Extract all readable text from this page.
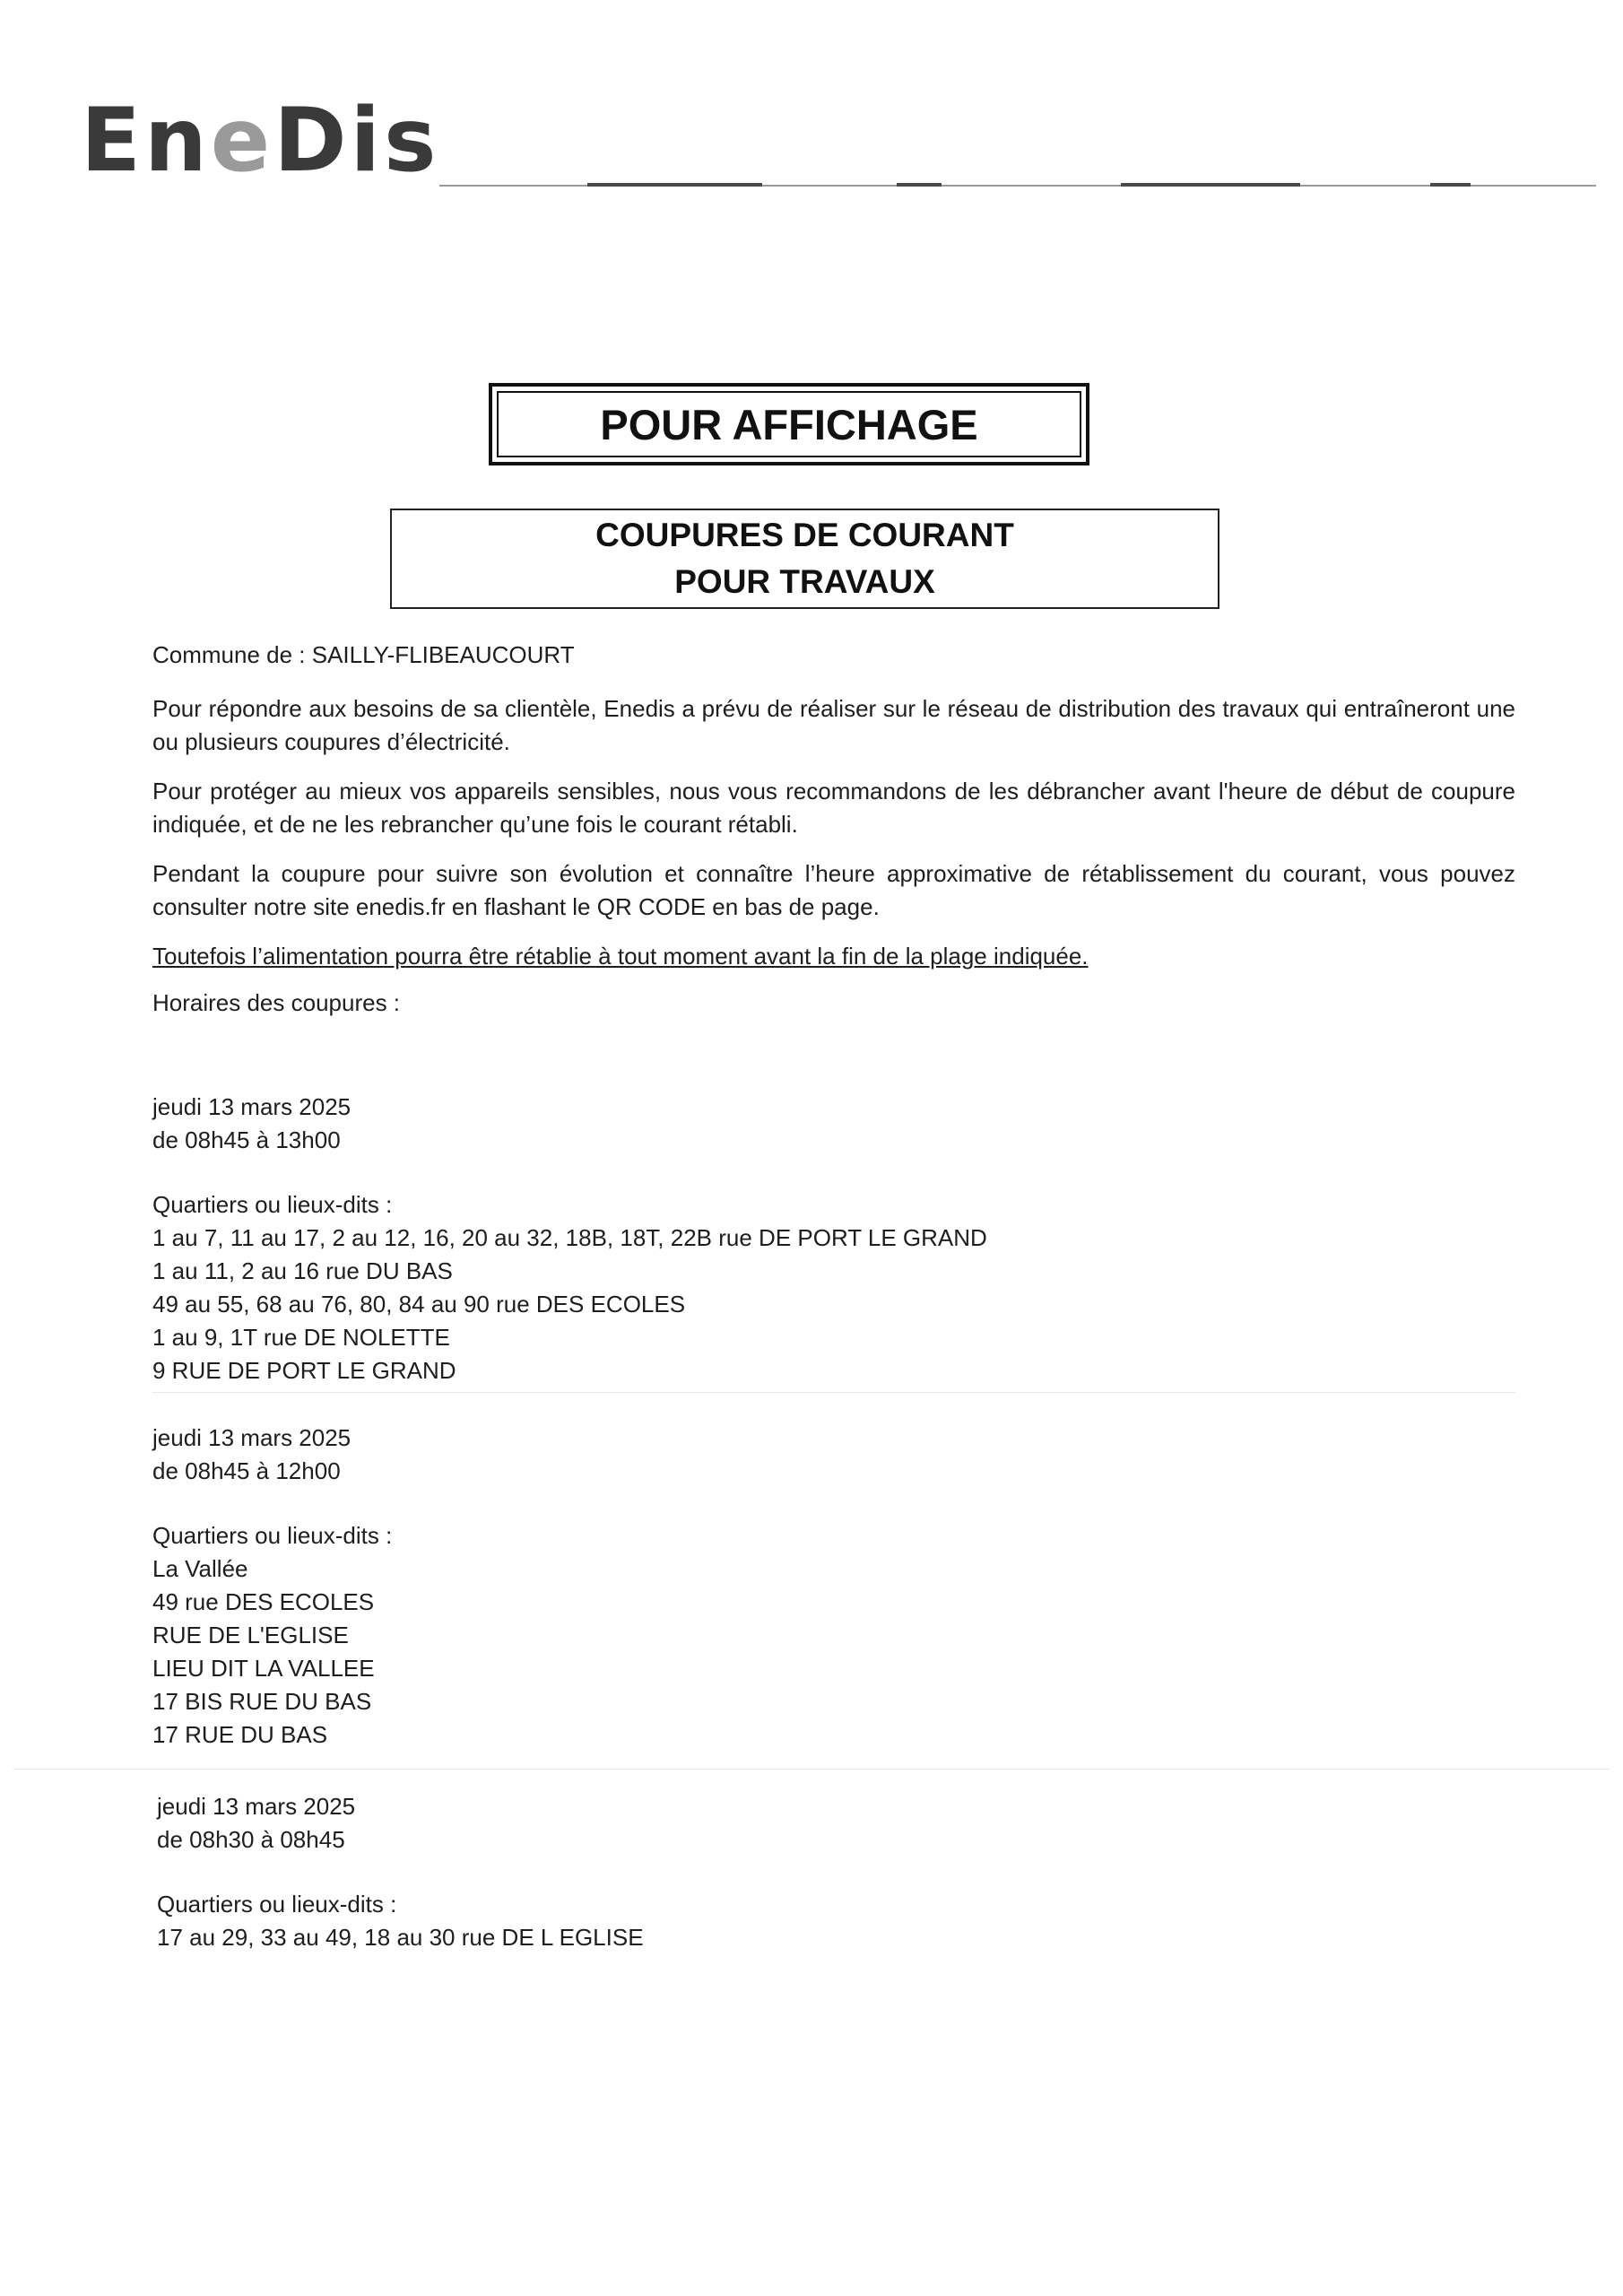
EneDis
POUR AFFICHAGE
COUPURES DE COURANT
POUR TRAVAUX

Commune de : SAILLY-FLIBEAUCOURT

Pour répondre aux besoins de sa clientèle, Enedis a prévu de réaliser sur le réseau de distribution des travaux qui entraîneront une ou plusieurs coupures d’électricité.

Pour protéger au mieux vos appareils sensibles, nous vous recommandons de les débrancher avant l'heure de début de coupure indiquée, et de ne les rebrancher qu’une fois le courant rétabli.

Pendant la coupure pour suivre son évolution et connaître l’heure approximative de rétablissement du courant, vous pouvez consulter notre site enedis.fr en flashant le QR CODE en bas de page.

Toutefois l’alimentation pourra être rétablie à tout moment avant la fin de la plage indiquée.

Horaires des coupures :

jeudi 13 mars 2025
de 08h45 à 13h00
Quartiers ou lieux-dits :
1 au 7, 11 au 17, 2 au 12, 16, 20 au 32, 18B, 18T, 22B rue DE PORT LE GRAND
1 au 11, 2 au 16 rue DU BAS
49 au 55, 68 au 76, 80, 84 au 90 rue DES ECOLES
1 au 9, 1T rue DE NOLETTE
9 RUE DE PORT LE GRAND
jeudi 13 mars 2025
de 08h45 à 12h00
Quartiers ou lieux-dits :
La Vallée
49 rue DES ECOLES
RUE DE L'EGLISE
LIEU DIT LA VALLEE
17 BIS RUE DU BAS
17 RUE DU BAS
jeudi 13 mars 2025
de 08h30 à 08h45
Quartiers ou lieux-dits :
17 au 29, 33 au 49, 18 au 30 rue DE L EGLISE
